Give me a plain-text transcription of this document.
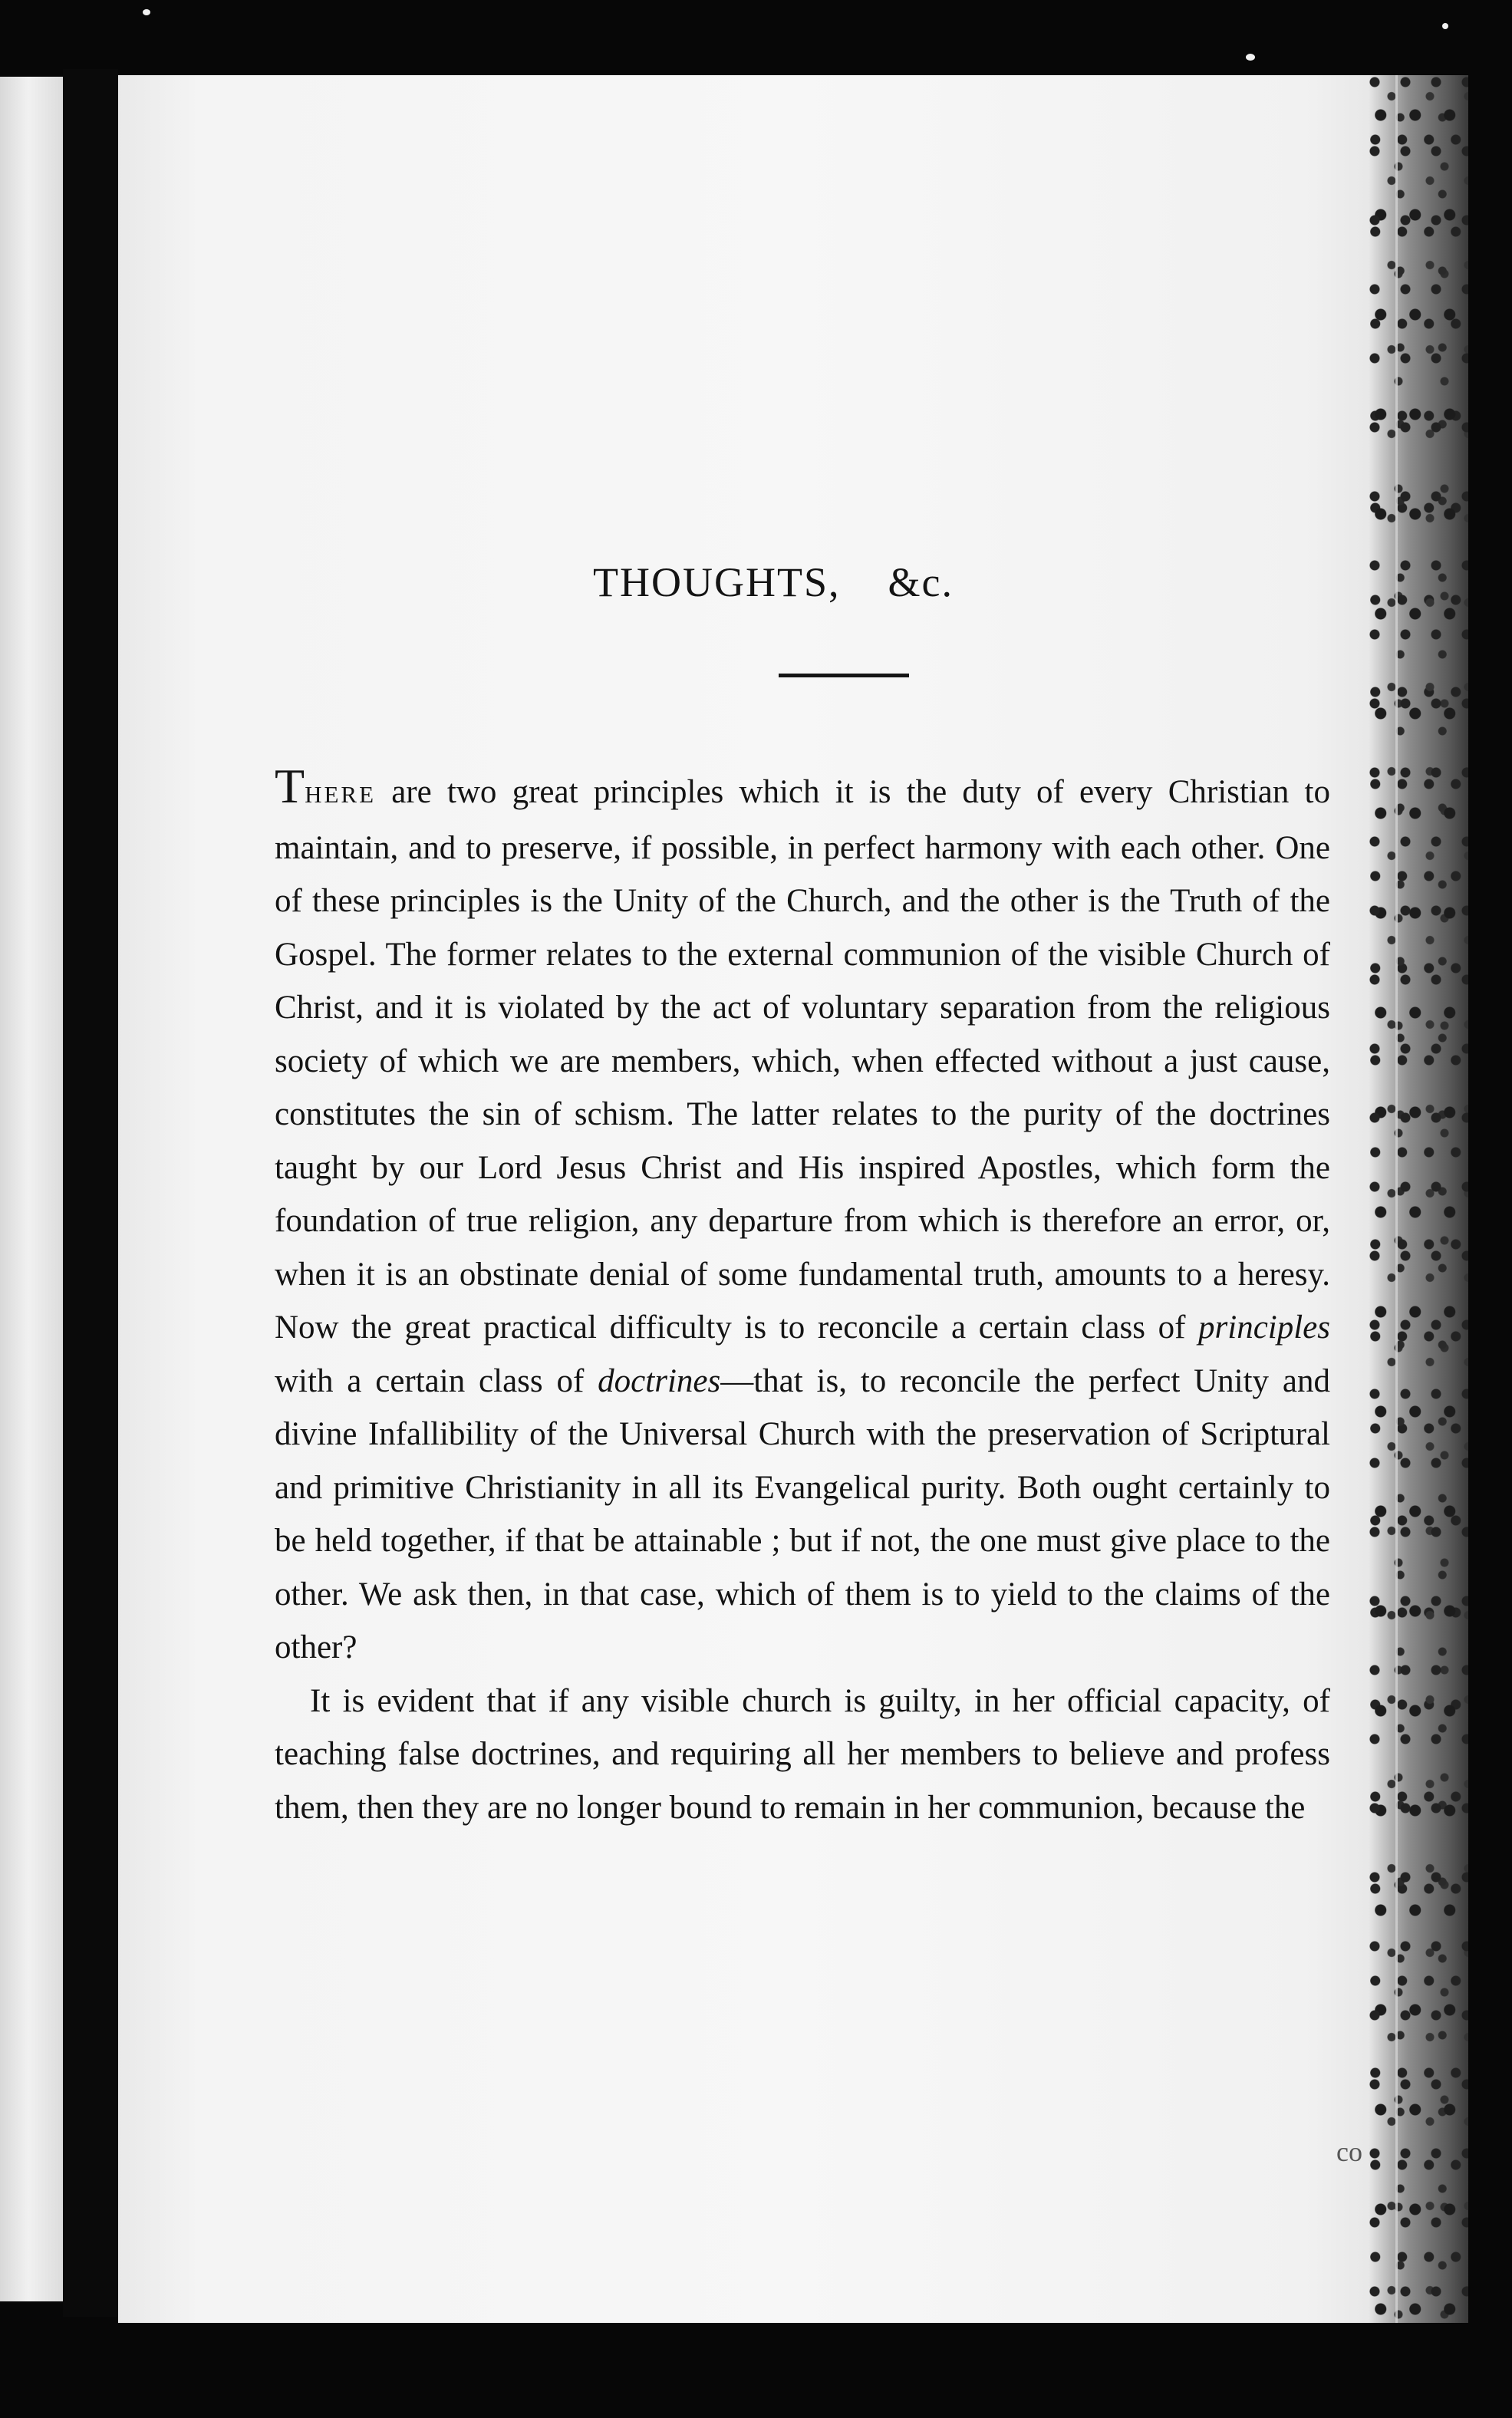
THOUGHTS, &c.

THERE are two great principles which it is the duty of every Christian to maintain, and to preserve, if possible, in perfect harmony with each other. One of these principles is the Unity of the Church, and the other is the Truth of the Gospel. The former relates to the external communion of the visible Church of Christ, and it is violated by the act of voluntary separation from the religious society of which we are members, which, when effected without a just cause, constitutes the sin of schism. The latter relates to the purity of the doctrines taught by our Lord Jesus Christ and His inspired Apostles, which form the foundation of true religion, any departure from which is therefore an error, or, when it is an obstinate denial of some fundamental truth, amounts to a heresy. Now the great practical difficulty is to reconcile a certain class of principles with a certain class of doctrines—that is, to reconcile the perfect Unity and divine Infallibility of the Universal Church with the preservation of Scriptural and primitive Christianity in all its Evangelical purity. Both ought certainly to be held together, if that be attainable ; but if not, the one must give place to the other. We ask then, in that case, which of them is to yield to the claims of the other?

It is evident that if any visible church is guilty, in her official capacity, of teaching false doctrines, and requiring all her members to believe and profess them, then they are no longer bound to remain in her communion, because the

co
